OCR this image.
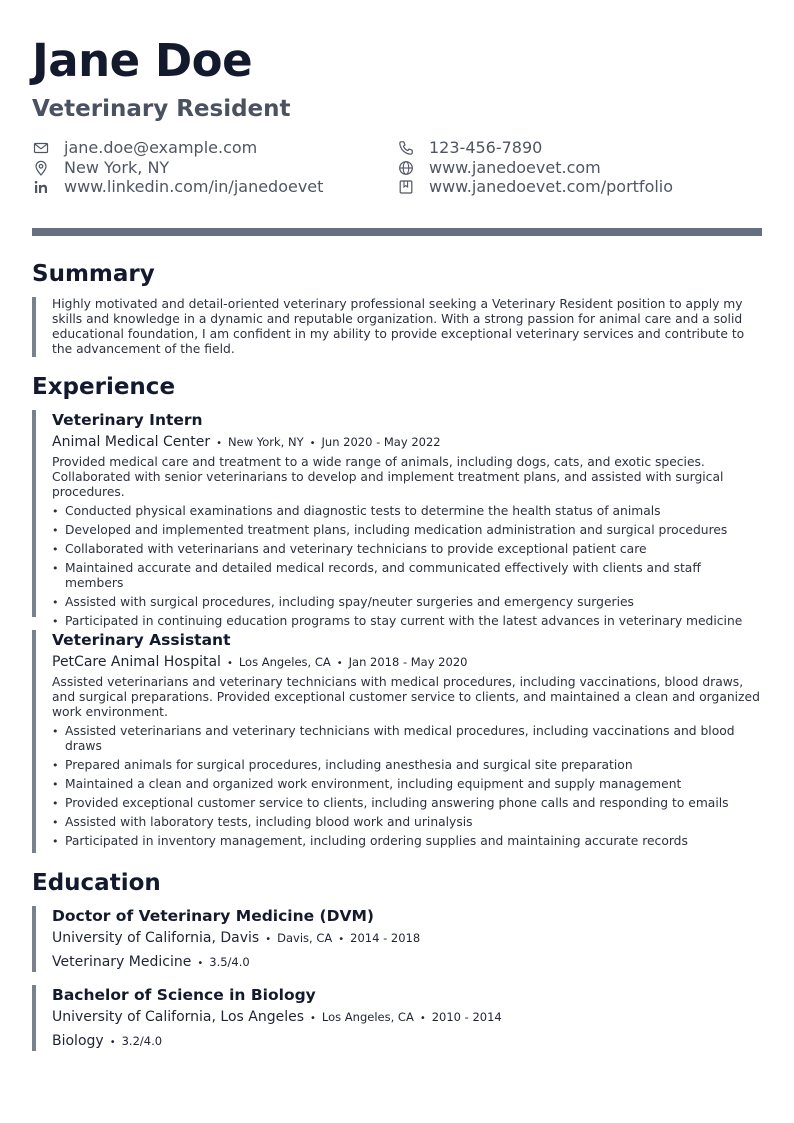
Jane Doe
Veterinary Resident
jane.doe@example.com
New York, NY
www.linkedin.com/in/janedoevet
123-456-7890
www.janedoevet.com
www.janedoevet.com/portfolio
Summary

Highly motivated and detail-oriented veterinary professional seeking a Veterinary Resident position to apply my skills and knowledge in a dynamic and reputable organization. With a strong passion for animal care and a solid educational foundation, I am confident in my ability to provide exceptional veterinary services and contribute to the advancement of the field.

Experience

Veterinary Intern

Animal Medical Center • New York, NY • Jun 2020 - May 2022

Provided medical care and treatment to a wide range of animals, including dogs, cats, and exotic species. Collaborated with senior veterinarians to develop and implement treatment plans, and assisted with surgical procedures.

• Conducted physical examinations and diagnostic tests to determine the health status of animals
• Developed and implemented treatment plans, including medication administration and surgical procedures
• Collaborated with veterinarians and veterinary technicians to provide exceptional patient care
• Maintained accurate and detailed medical records, and communicated effectively with clients and staff members
• Assisted with surgical procedures, including spay/neuter surgeries and emergency surgeries
• Participated in continuing education programs to stay current with the latest advances in veterinary medicine

Veterinary Assistant

PetCare Animal Hospital • Los Angeles, CA • Jan 2018 - May 2020

Assisted veterinarians and veterinary technicians with medical procedures, including vaccinations, blood draws, and surgical preparations. Provided exceptional customer service to clients, and maintained a clean and organized work environment.

• Assisted veterinarians and veterinary technicians with medical procedures, including vaccinations and blood draws
• Prepared animals for surgical procedures, including anesthesia and surgical site preparation
• Maintained a clean and organized work environment, including equipment and supply management
• Provided exceptional customer service to clients, including answering phone calls and responding to emails
• Assisted with laboratory tests, including blood work and urinalysis
• Participated in inventory management, including ordering supplies and maintaining accurate records
Education

Doctor of Veterinary Medicine (DVM)

University of California, Davis • Davis, CA • 2014 - 2018

Veterinary Medicine • 3.5/4.0

Bachelor of Science in Biology

University of California, Los Angeles • Los Angeles, CA • 2010 - 2014

Biology • 3.2/4.0
